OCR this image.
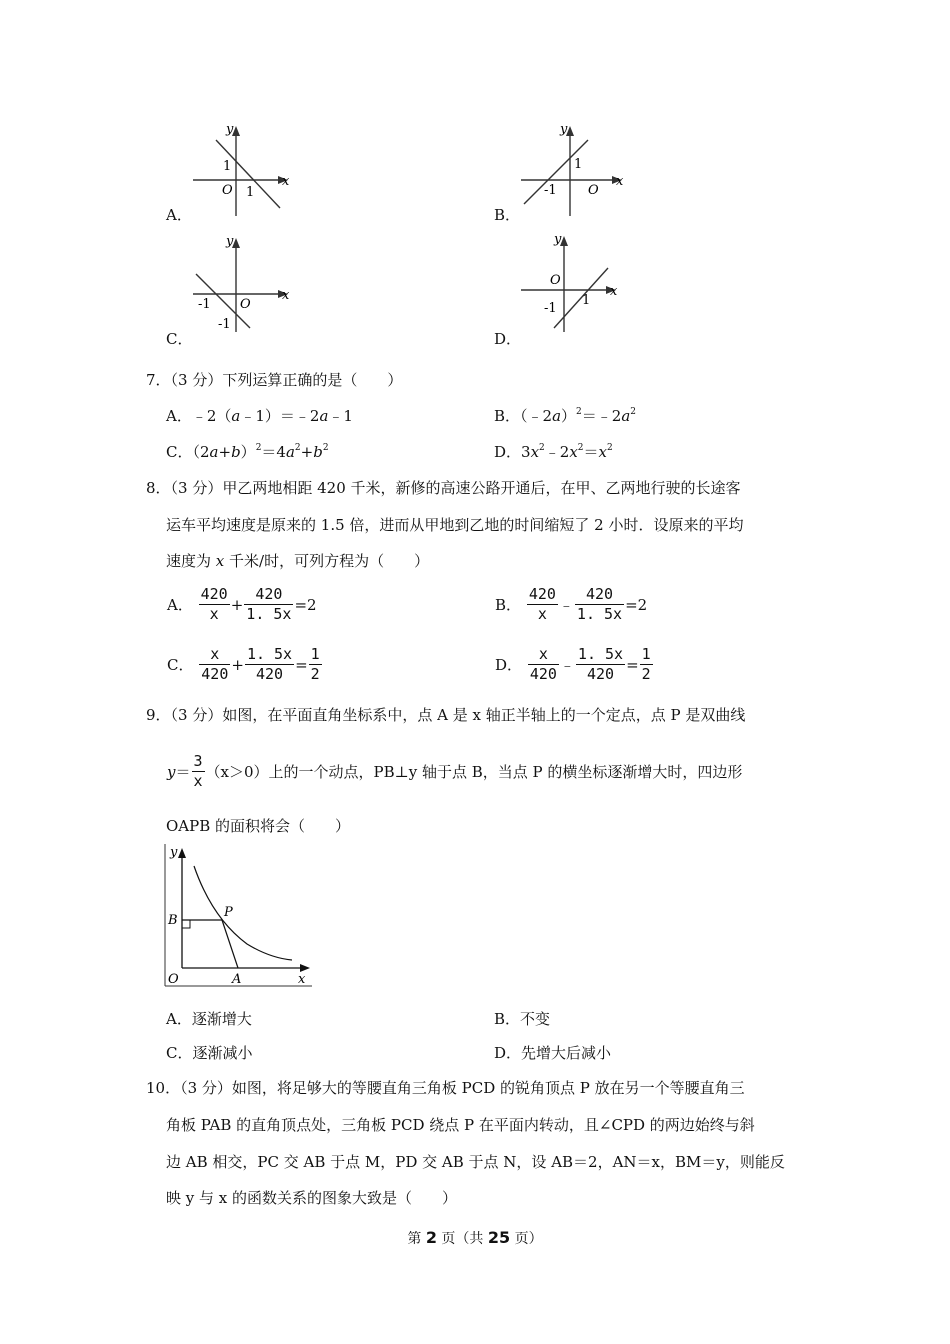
A．
y
x
O
1
1
B．
y
x
O
1
-1
C．
y
x
O
-1
-1
D．
y
x
O
1
-1
7．（3 分）下列运算正确的是（　　）
A．﹣2（a﹣1）＝﹣2a﹣1	B．$(﹣2a)^2=﹣2a^2$
C．$(2a+b)^2=4a^2+b^2$	D．$3x^2﹣2x^2=x^2$
8．（3 分）甲乙两地相距 420 千米，新修的高速公路开通后，在甲、乙两地行驶的长途客
运车平均速度是原来的 1.5 倍，进而从甲地到乙地的时间缩短了 2 小时．设原来的平均
速度为 x 千米/时，可列方程为（　　）
A． $\frac{420}{x} + \frac{420}{1. 5x} =2$	B． $\frac{420}{x}$ ﹣ $\frac{420}{1. 5x} =2$
C． $\frac{x}{420} + \frac{1. 5x}{420} = \frac{1}{2}$	D． $\frac{x}{420}$ ﹣ $\frac{1. 5x}{420} = \frac{1}{2}$
9．（3 分）如图，在平面直角坐标系中，点 A 是 x 轴正半轴上的一个定点，点 P 是双曲线
$y= \frac{3}{x} (x>0)$上的一个动点，PB⊥y 轴于点 B，当点 P 的横坐标逐渐增大时，四边形
OAPB 的面积将会（　　）
y
x
O	A
B
P
A．逐渐增大	B．不变
C．逐渐减小	D．先增大后减小
10．（3 分）如图，将足够大的等腰直角三角板 PCD 的锐角顶点 P 放在另一个等腰直角三
角板 PAB 的直角顶点处，三角板 PCD 绕点 P 在平面内转动，且∠CPD 的两边始终与斜
边 AB 相交，PC 交 AB 于点 M，PD 交 AB 于点 N，设 AB＝2，AN＝x，BM＝y，则能反
映 y 与 x 的函数关系的图象大致是（　　）
第 2 页（共 25 页）
